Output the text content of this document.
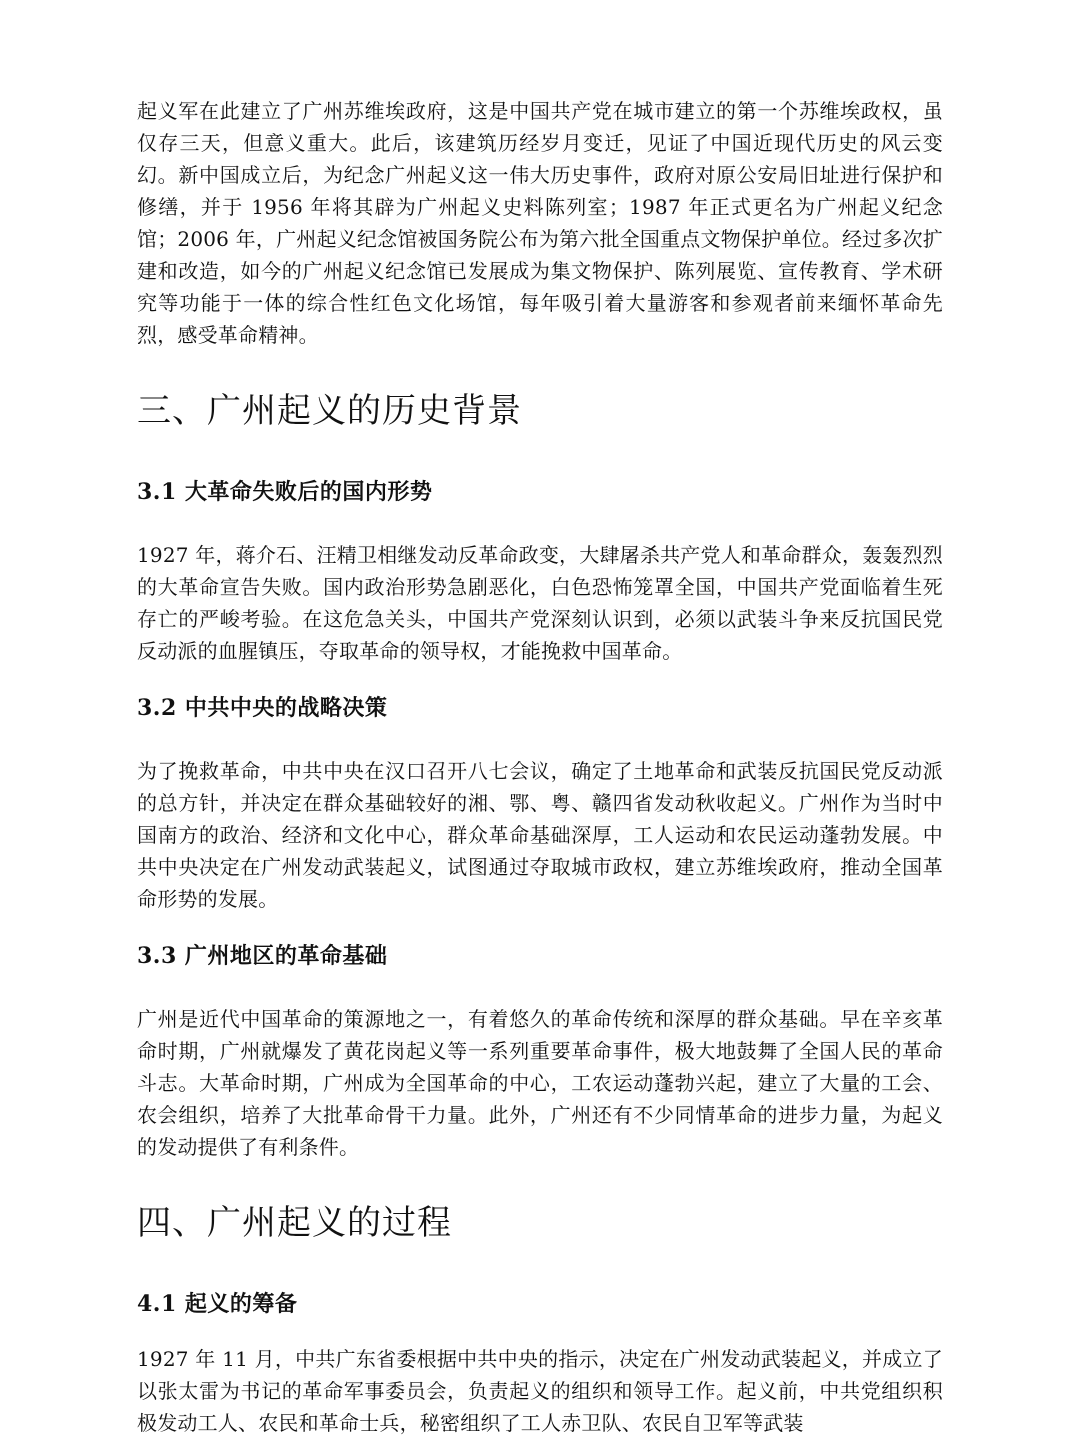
起义军在此建立了广州苏维埃政府，这是中国共产党在城市建立的第一个苏维埃政权，虽仅存三天，但意义重大。此后，该建筑历经岁月变迁，见证了中国近现代历史的风云变幻。新中国成立后，为纪念广州起义这一伟大历史事件，政府对原公安局旧址进行保护和修缮，并于 1956 年将其辟为广州起义史料陈列室；1987 年正式更名为广州起义纪念馆；2006 年，广州起义纪念馆被国务院公布为第六批全国重点文物保护单位。经过多次扩建和改造，如今的广州起义纪念馆已发展成为集文物保护、陈列展览、宣传教育、学术研究等功能于一体的综合性红色文化场馆，每年吸引着大量游客和参观者前来缅怀革命先烈，感受革命精神。

三、广州起义的历史背景
3.1 大革命失败后的国内形势

1927 年，蒋介石、汪精卫相继发动反革命政变，大肆屠杀共产党人和革命群众，轰轰烈烈的大革命宣告失败。国内政治形势急剧恶化，白色恐怖笼罩全国，中国共产党面临着生死存亡的严峻考验。在这危急关头，中国共产党深刻认识到，必须以武装斗争来反抗国民党反动派的血腥镇压，夺取革命的领导权，才能挽救中国革命。

3.2 中共中央的战略决策

为了挽救革命，中共中央在汉口召开八七会议，确定了土地革命和武装反抗国民党反动派的总方针，并决定在群众基础较好的湘、鄂、粤、赣四省发动秋收起义。广州作为当时中国南方的政治、经济和文化中心，群众革命基础深厚，工人运动和农民运动蓬勃发展。中共中央决定在广州发动武装起义，试图通过夺取城市政权，建立苏维埃政府，推动全国革命形势的发展。

3.3 广州地区的革命基础

广州是近代中国革命的策源地之一，有着悠久的革命传统和深厚的群众基础。早在辛亥革命时期，广州就爆发了黄花岗起义等一系列重要革命事件，极大地鼓舞了全国人民的革命斗志。大革命时期，广州成为全国革命的中心，工农运动蓬勃兴起，建立了大量的工会、农会组织，培养了大批革命骨干力量。此外，广州还有不少同情革命的进步力量，为起义的发动提供了有利条件。

四、广州起义的过程
4.1 起义的筹备

1927 年 11 月，中共广东省委根据中共中央的指示，决定在广州发动武装起义，并成立了以张太雷为书记的革命军事委员会，负责起义的组织和领导工作。起义前，中共党组织积极发动工人、农民和革命士兵，秘密组织了工人赤卫队、农民自卫军等武装
